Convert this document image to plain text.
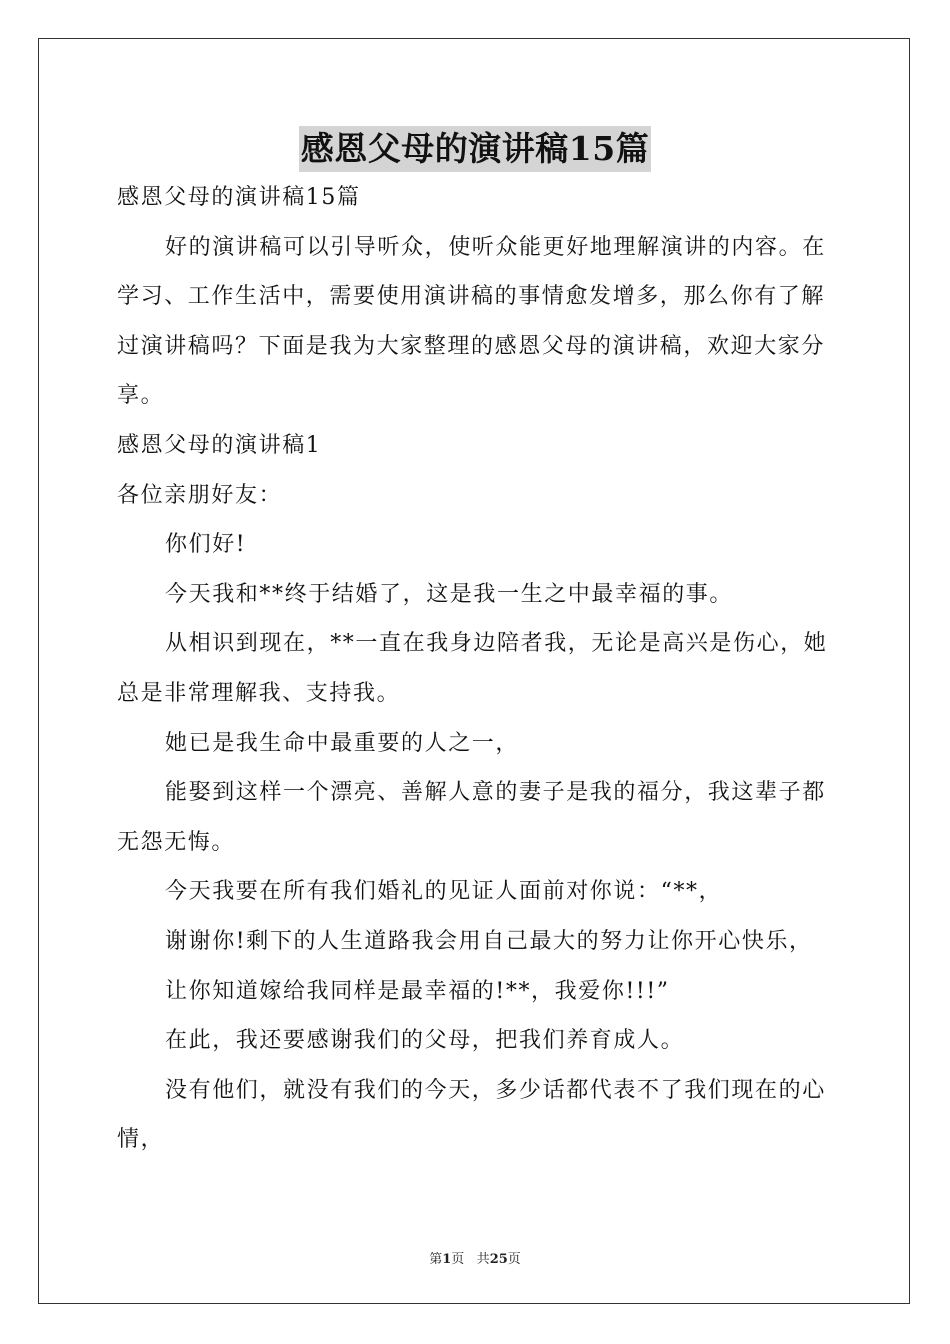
感恩父母的演讲稿15篇

感恩父母的演讲稿15篇

好的演讲稿可以引导听众，使听众能更好地理解演讲的内容。在学习、工作生活中，需要使用演讲稿的事情愈发增多，那么你有了解过演讲稿吗？下面是我为大家整理的感恩父母的演讲稿，欢迎大家分享。

感恩父母的演讲稿1

各位亲朋好友：

你们好!

今天我和**终于结婚了，这是我一生之中最幸福的事。

从相识到现在，**一直在我身边陪者我，无论是高兴是伤心，她总是非常理解我、支持我。

她已是我生命中最重要的人之一，

能娶到这样一个漂亮、善解人意的妻子是我的福分，我这辈子都无怨无悔。

今天我要在所有我们婚礼的见证人面前对你说：“**，

谢谢你!剩下的人生道路我会用自己最大的努力让你开心快乐，

让你知道嫁给我同样是最幸福的!**，我爱你!!!”

在此，我还要感谢我们的父母，把我们养育成人。

没有他们，就没有我们的今天，多少话都代表不了我们现在的心情，

第1页 共25页
